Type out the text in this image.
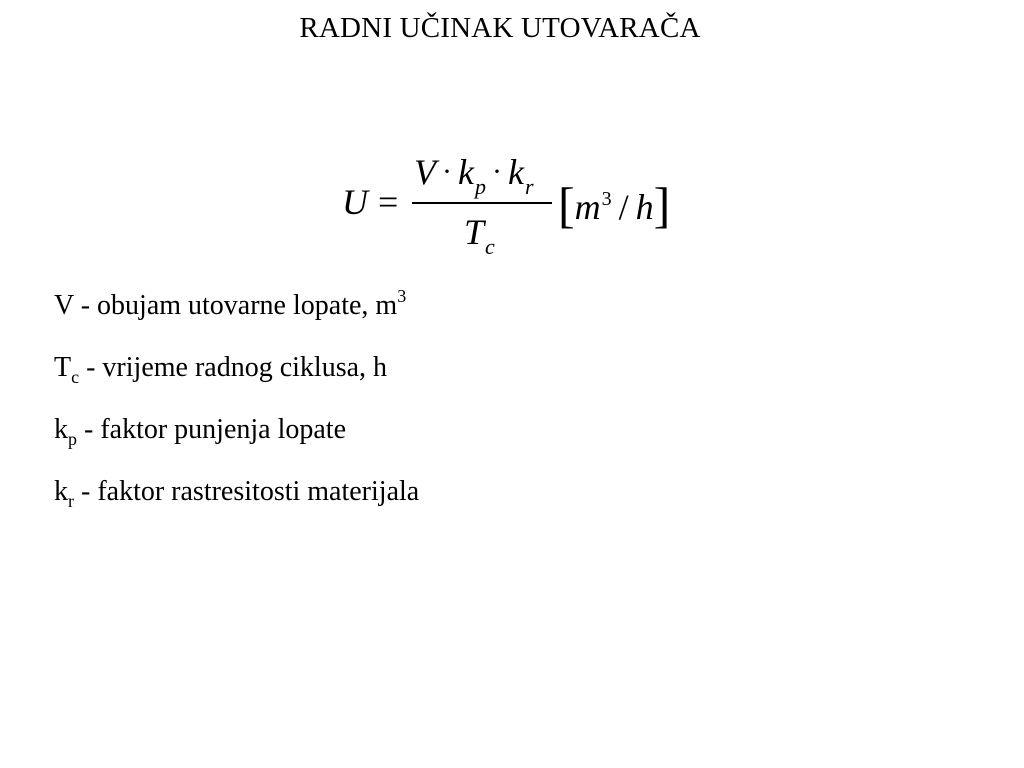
RADNI UČINAK UTOVARAČA
U =
$V \cdot k_p \cdot k_r$
$T_c$
$[m^3 / h]$
V - obujam utovarne lopate, $m^3$
$T_c$ - vrijeme radnog ciklusa, h
$k_p$ - faktor punjenja lopate
$k_r$ - faktor rastresitosti materijala
